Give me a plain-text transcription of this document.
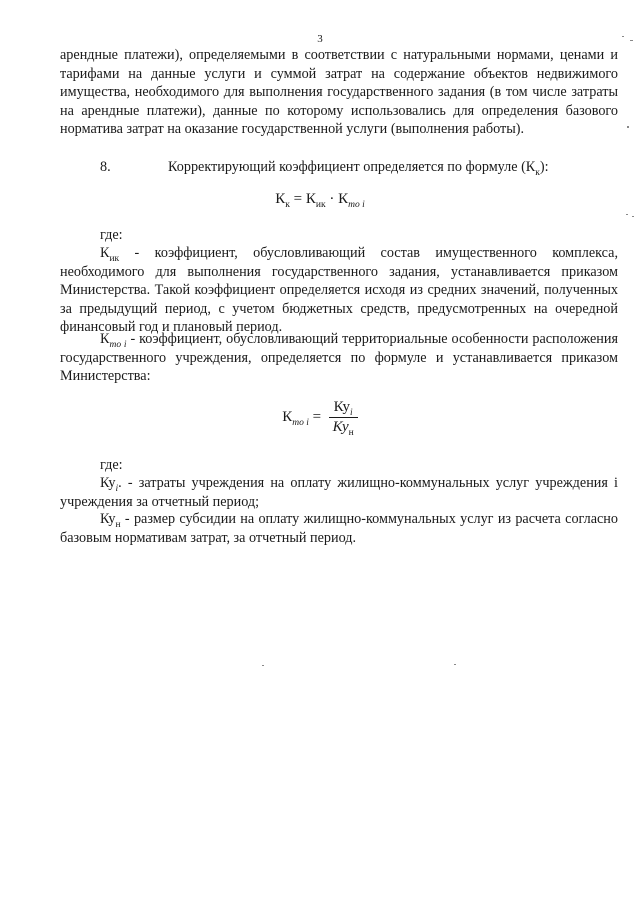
3

арендные платежи), определяемыми в соответствии с натуральными нормами, ценами и тарифами на данные услуги и суммой затрат на содержание объектов недвижимого имущества, необходимого для выполнения государственного задания (в том числе затраты на арендные платежи), данные по которому использовались для определения базового норматива затрат на оказание государственной услуги (выполнения работы).

8.	Корректирующий коэффициент определяется по формуле $(К_к)$:

$К_к = К_{ик} \cdot К_{то i}$
где:

$К_{ик}$ - коэффициент, обусловливающий состав имущественного комплекса, необходимого для выполнения государственного задания, устанавливается приказом Министерства. Такой коэффициент определяется исходя из средних значений, полученных за предыдущий период, с учетом бюджетных средств, предусмотренных на очередной финансовый год и плановый период.

$К_{то i}$ - коэффициент, обусловливающий территориальные особенности расположения государственного учреждения, определяется по формуле и устанавливается приказом Министерства:

$К_{то i} = \frac{Ку_i}{Ку_н}$
где:

$Ку_i$. - затраты учреждения на оплату жилищно-коммунальных услуг учреждения i учреждения за отчетный период;

$Ку_н$ - размер субсидии на оплату жилищно-коммунальных услуг из расчета согласно базовым нормативам затрат, за отчетный период.
